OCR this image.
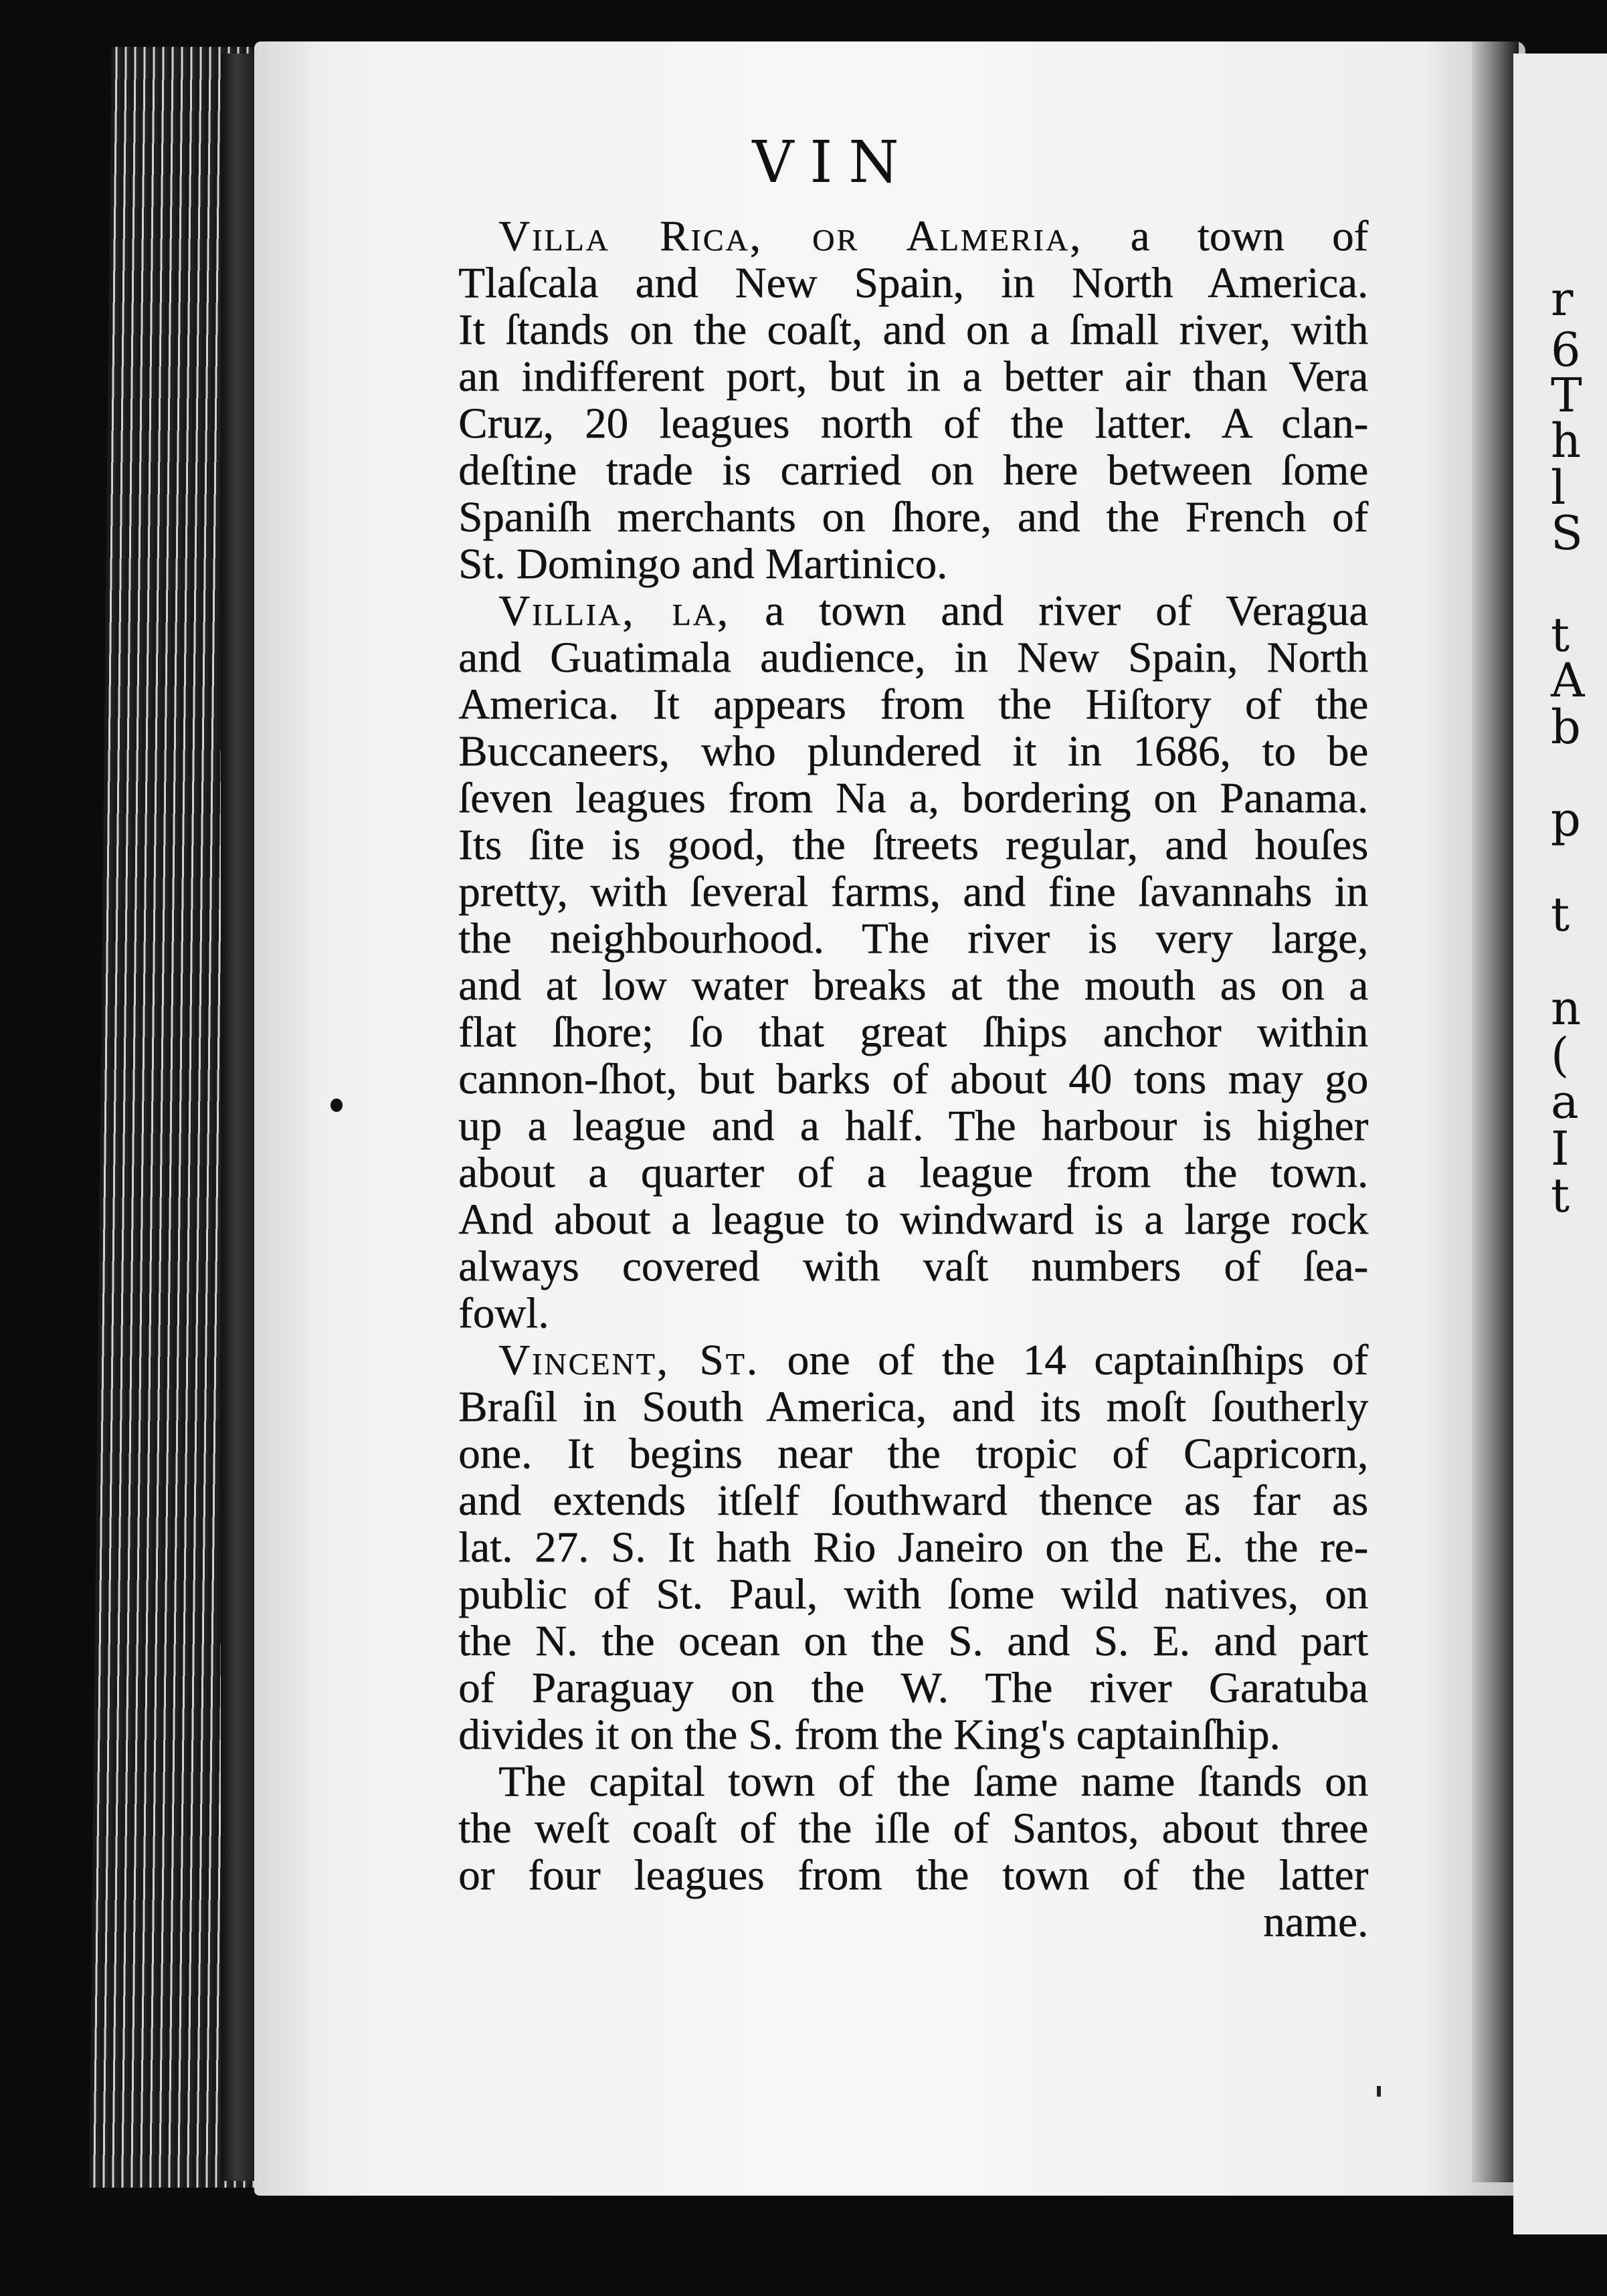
r
6
T
h
l
S
t
A
b
p
t
n
(
a
I
t
VIN
Villa Rica, or Almeria, a town of
Tlaſcala and New Spain, in North America.
It ſtands on the coaſt, and on a ſmall river, with
an indifferent port, but in a better air than Vera
Cruz, 20 leagues north of the latter. A clan-
deſtine trade is carried on here between ſome
Spaniſh merchants on ſhore, and the French of
St. Domingo and Martinico.
Villia, la, a town and river of Veragua
and Guatimala audience, in New Spain, North
America. It appears from the Hiſtory of the
Buccaneers, who plundered it in 1686, to be
ſeven leagues from Na a, bordering on Panama.
Its ſite is good, the ſtreets regular, and houſes
pretty, with ſeveral farms, and fine ſavannahs in
the neighbourhood. The river is very large,
and at low water breaks at the mouth as on a
flat ſhore; ſo that great ſhips anchor within
cannon-ſhot, but barks of about 40 tons may go
up a league and a half. The harbour is higher
about a quarter of a league from the town.
And about a league to windward is a large rock
always covered with vaſt numbers of ſea-
fowl.
Vincent, St. one of the 14 captainſhips of
Braſil in South America, and its moſt ſoutherly
one. It begins near the tropic of Capricorn,
and extends itſelf ſouthward thence as far as
lat. 27. S. It hath Rio Janeiro on the E. the re-
public of St. Paul, with ſome wild natives, on
the N. the ocean on the S. and S. E. and part
of Paraguay on the W. The river Garatuba
divides it on the S. from the King's captainſhip.
The capital town of the ſame name ſtands on
the weſt coaſt of the iſle of Santos, about three
or four leagues from the town of the latter
name.
